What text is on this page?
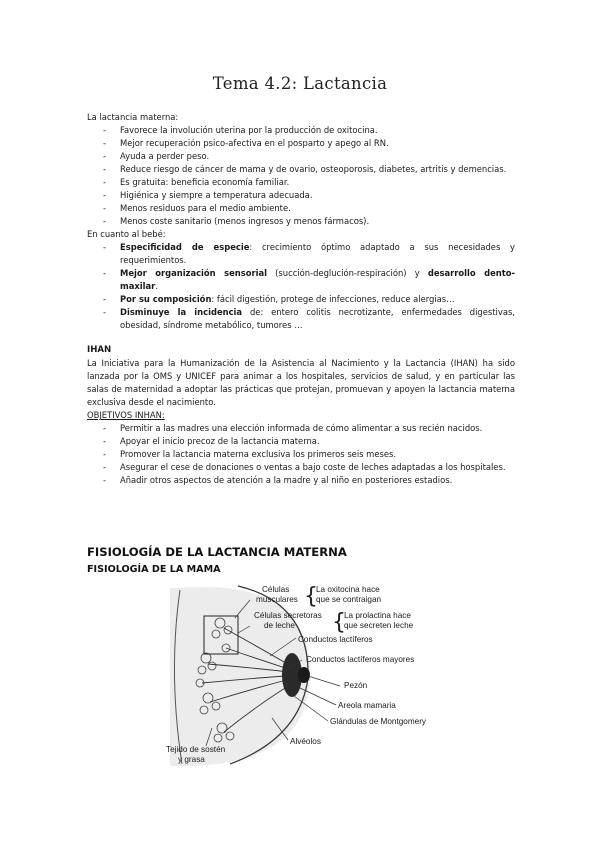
Tema 4.2: Lactancia

La lactancia materna:

- Favorece la involución uterina por la producción de oxitocina.
- Mejor recuperación psico-afectiva en el posparto y apego al RN.
- Ayuda a perder peso.
- Reduce riesgo de cáncer de mama y de ovario, osteoporosis, diabetes, artritis y demencias.
- Es gratuita: beneficia economía familiar.
- Higiénica y siempre a temperatura adecuada.
- Menos residuos para el medio ambiente.
- Menos coste sanitario (menos ingresos y menos fármacos).

En cuanto al bebé:

- Especificidad de especie: crecimiento óptimo adaptado a sus necesidades y requerimientos.
- Mejor organización sensorial (succión-deglución-respiración) y desarrollo dento-maxilar.
- Por su composición: fácil digestión, protege de infecciones, reduce alergias…
- Disminuye la incidencia de: entero colitis necrotizante, enfermedades digestivas, obesidad, síndrome metabólico, tumores …

IHAN

La Iniciativa para la Humanización de la Asistencia al Nacimiento y la Lactancia (IHAN) ha sido lanzada por la OMS y UNICEF para animar a los hospitales, servicios de salud, y en particular las salas de maternidad a adoptar las prácticas que protejan, promuevan y apoyen la lactancia materna exclusiva desde el nacimiento.

OBJETIVOS INHAN:

- Permitir a las madres una elección informada de cómo alimentar a sus recién nacidos.
- Apoyar el inicio precoz de la lactancia materna.
- Promover la lactancia materna exclusiva los primeros seis meses.
- Asegurar el cese de donaciones o ventas a bajo coste de leches adaptadas a los hospitales.
- Añadir otros aspectos de atención a la madre y al niño en posteriores estadios.
FISIOLOGÍA DE LA LACTANCIA MATERNA
FISIOLOGÍA DE LA MAMA
Células
musculares {
La oxitocina hace
que se contraigan
Células secretoras
de leche {
La prolactina hace
que secreten leche
Conductos lactíferos
Conductos lactíferos mayores
Pezón
Areola mamaria
Glándulas de Montgomery
Alvéolos
Tejido de sostén
y grasa
